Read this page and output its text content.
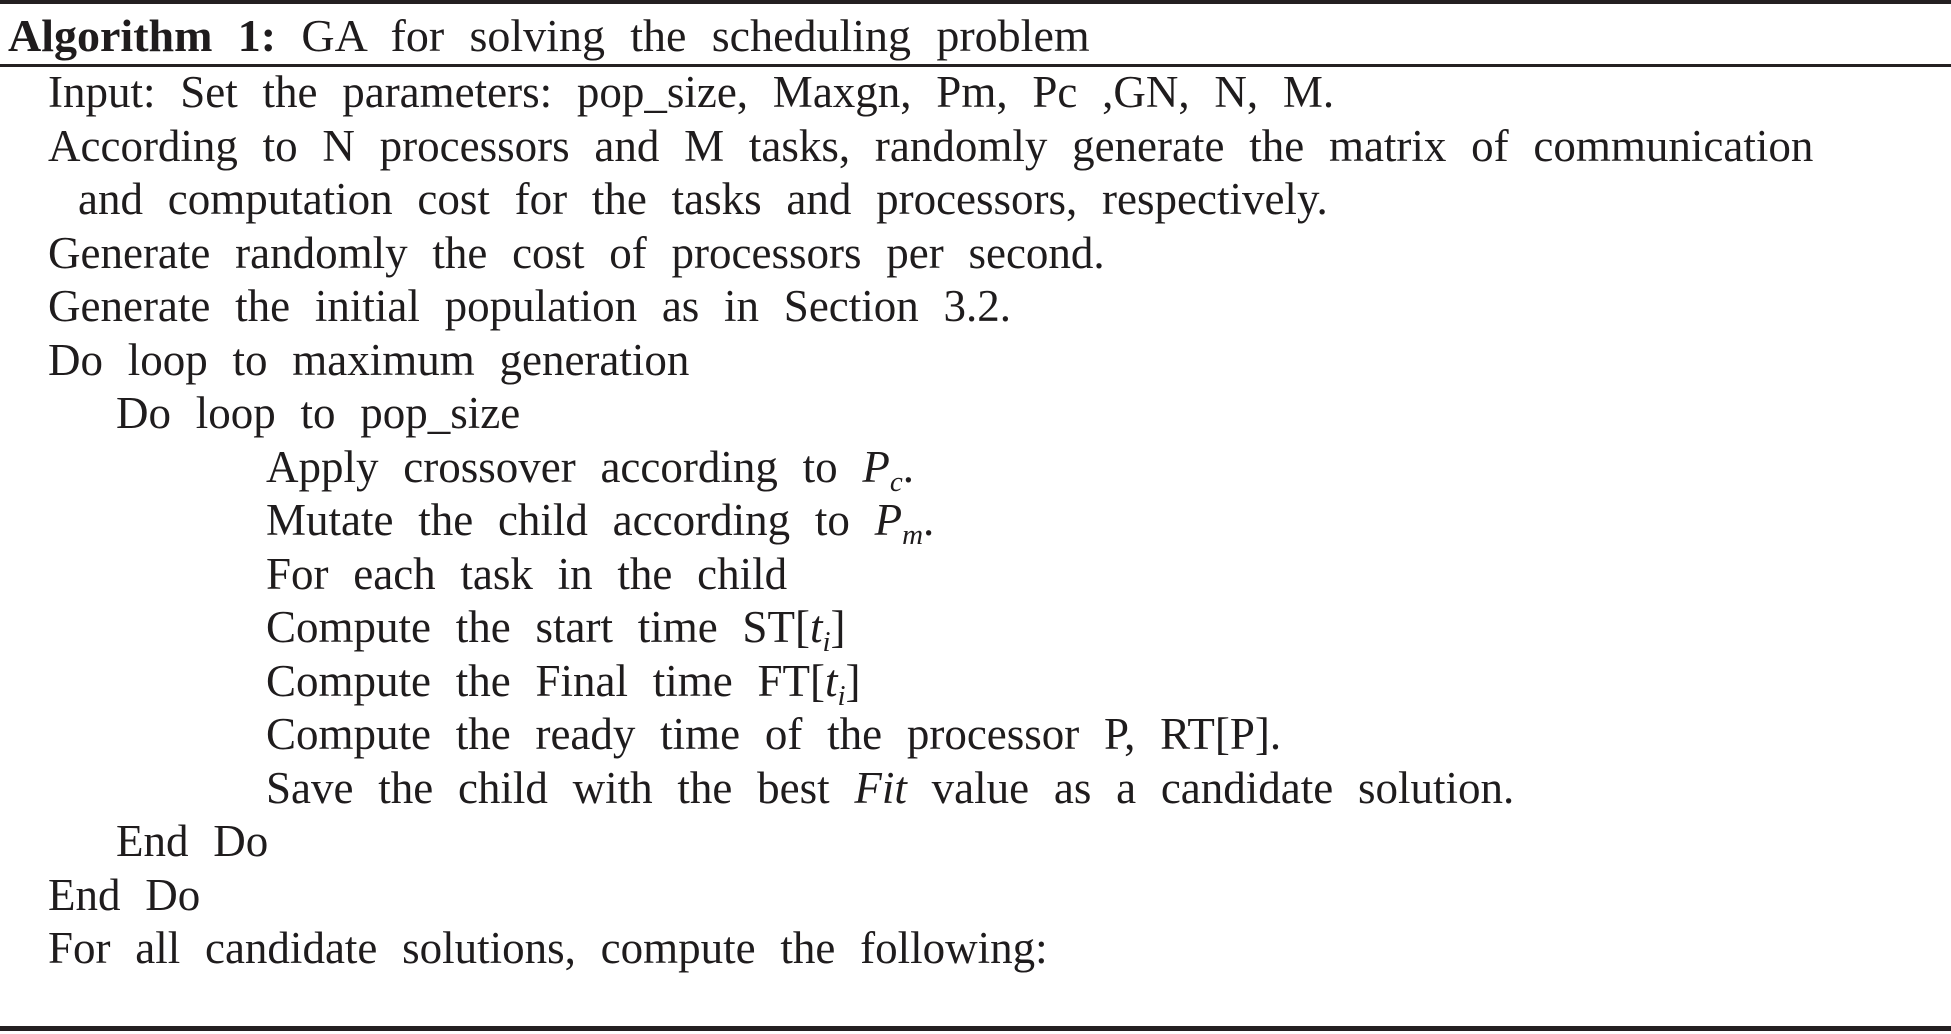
Algorithm 1: GA for solving the scheduling problem
Input: Set the parameters: pop_size, Maxgn, Pm, Pc ,GN, N, M.
According to N processors and M tasks, randomly generate the matrix of communication
and computation cost for the tasks and processors, respectively.
Generate randomly the cost of processors per second.
Generate the initial population as in Section 3.2.
Do loop to maximum generation
Do loop to pop_size
Apply crossover according to $P_c$.
Mutate the child according to $P_m$.
For each task in the child
Compute the start time $ST[t_i]$
Compute the Final time $FT[t_i]$
Compute the ready time of the processor P, RT[P].
Save the child with the best Fit value as a candidate solution.
End Do
End Do
For all candidate solutions, compute the following:
